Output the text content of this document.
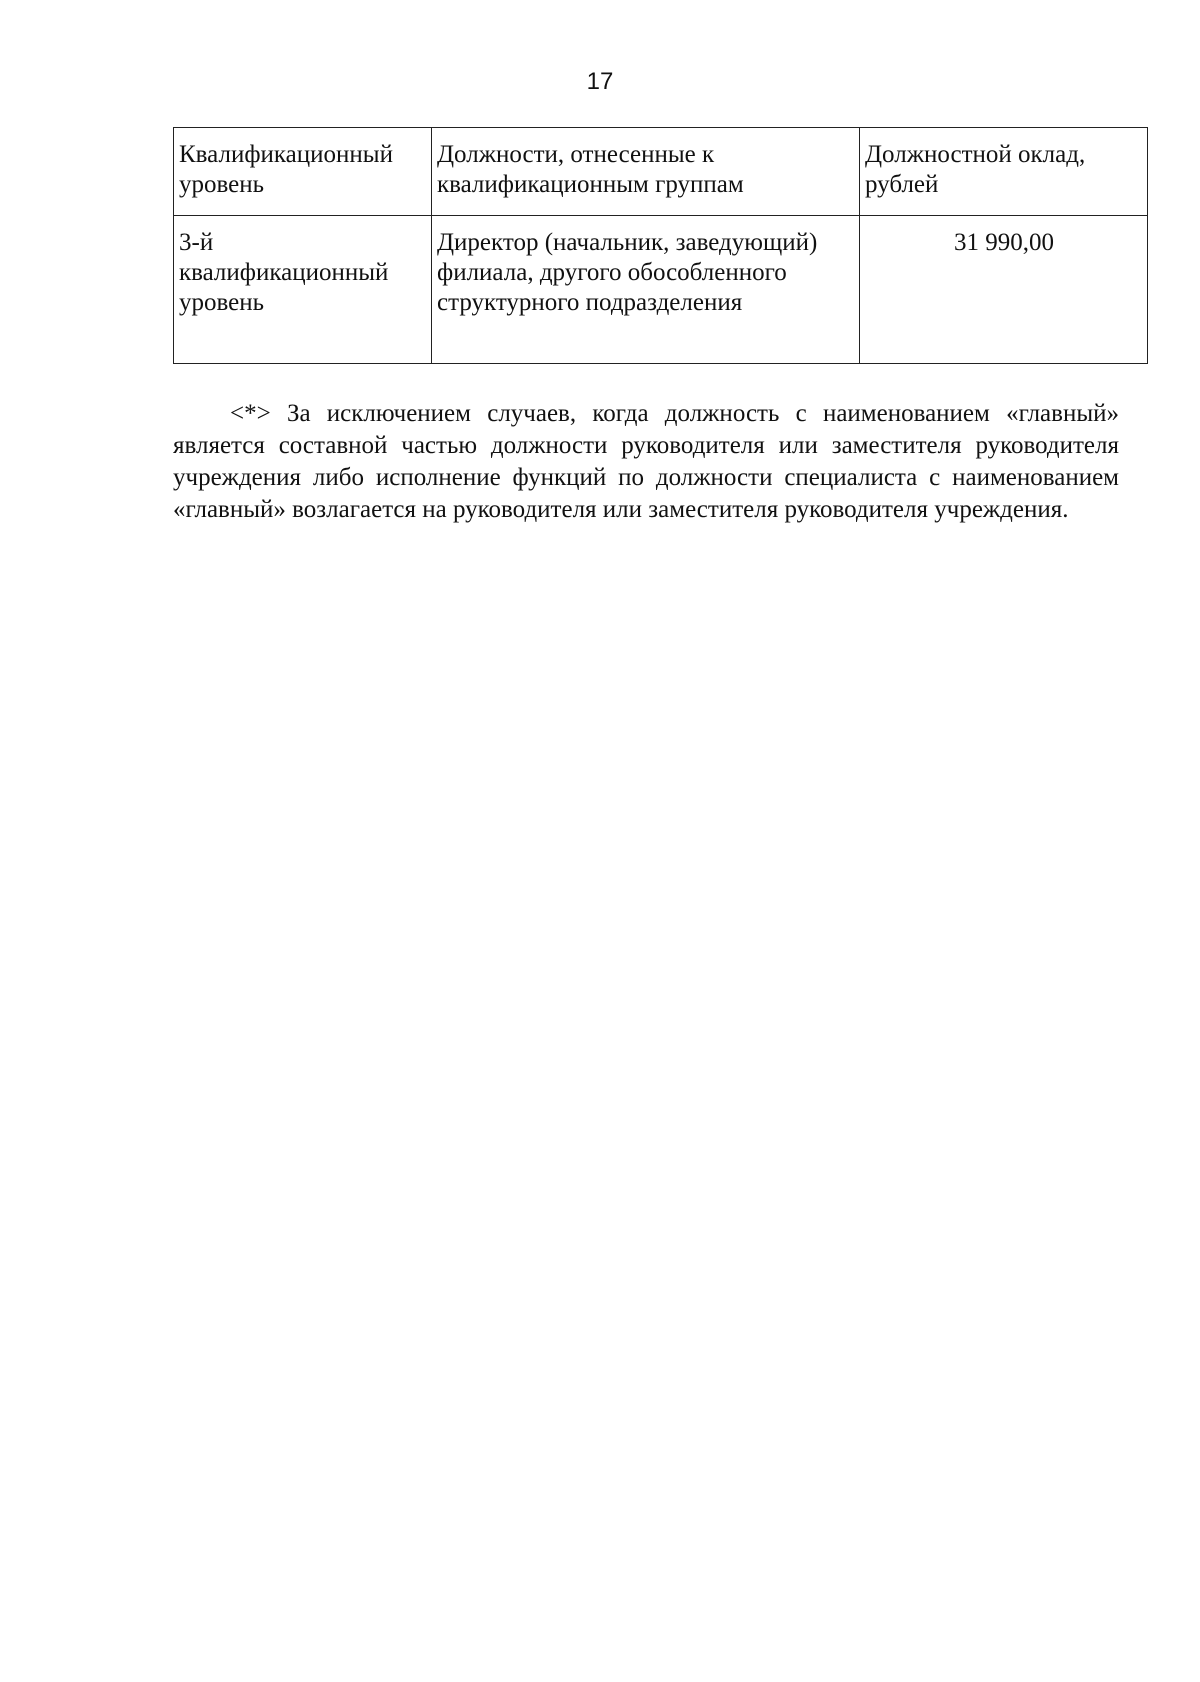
17
Квалификационный уровень	Должности, отнесенные к квалификационным группам	Должностной оклад, рублей
3-й квалификационный уровень	Директор (начальник, заведующий) филиала, другого обособленного структурного подразделения	31 990,00

<*> За исключением случаев, когда должность с наименованием «главный» является составной частью должности руководителя или заместителя руководителя учреждения либо исполнение функций по должности специалиста с наименованием «главный» возлагается на руководителя или заместителя руководителя учреждения.
